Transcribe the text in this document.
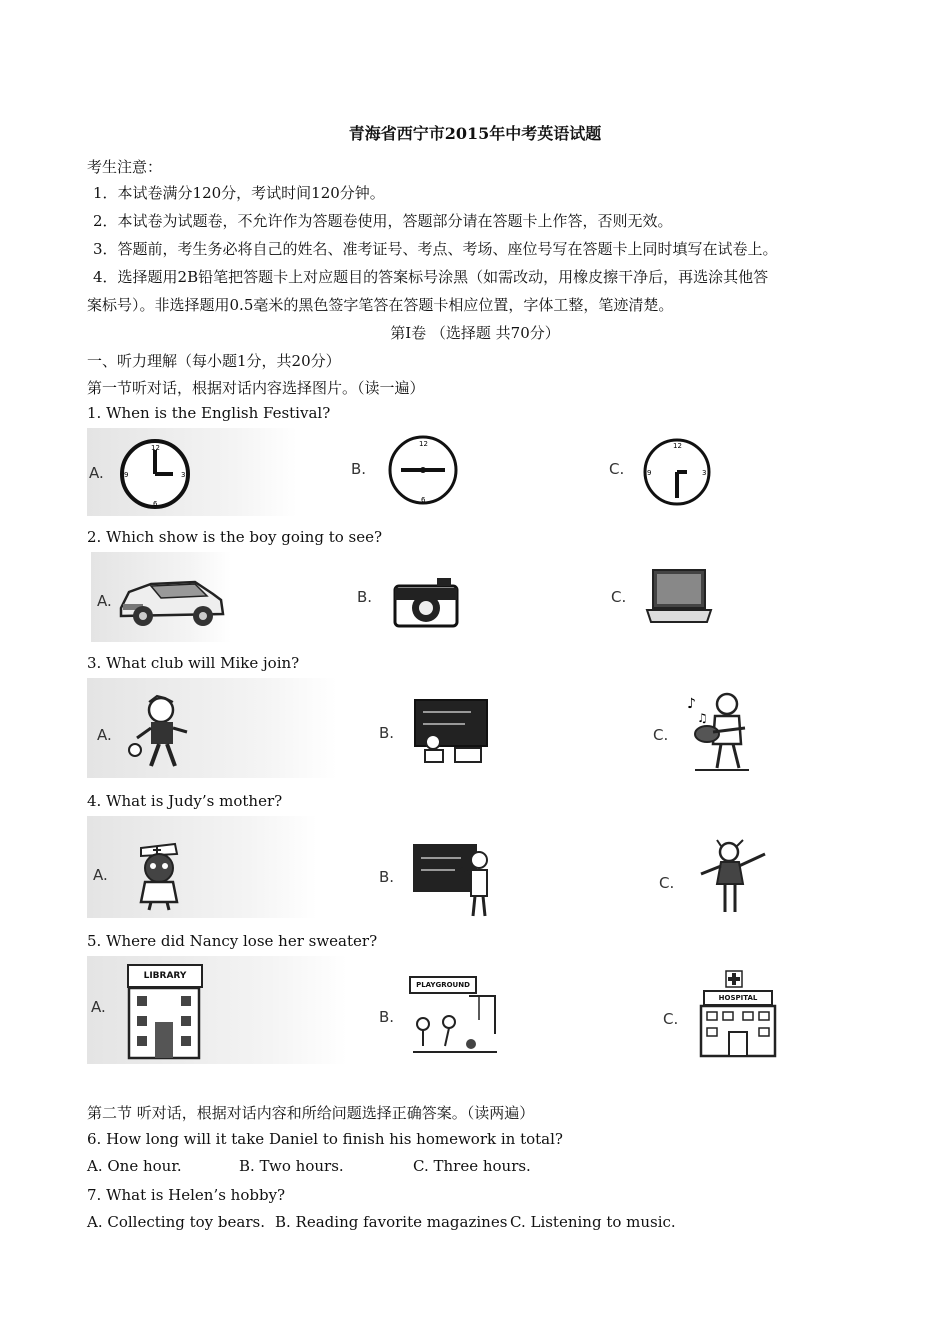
青海省西宁市2015年中考英语试题
考生注意：
1．本试卷满分120分，考试时间120分钟。
2．本试卷为试题卷，不允许作为答题卷使用，答题部分请在答题卡上作答，否则无效。
3．答题前，考生务必将自己的姓名、准考证号、考点、考场、座位号写在答题卡上同时填写在试卷上。
4．选择题用2B铅笔把答题卡上对应题目的答案标号涂黑（如需改动，用橡皮擦干净后，再选涂其他答
案标号）。非选择题用0.5毫米的黑色签字笔答在答题卡相应位置，字体工整，笔迹清楚。
第Ⅰ卷 （选择题 共70分）
一、听力理解（每小题1分，共20分）
第一节听对话，根据对话内容选择图片。（读一遍）
1. When is the English Festival?
A.
12
3
6
9	B.
12
6
C.
12
3
9
2. Which show is the boy going to see?
A.	B.	C.
3. What club will Mike join?
A.	B.	C.
♪
♫
4. What is Judy’s mother?
A.	B.	C.
5. Where did Nancy lose her sweater?
A.
LIBRARY
B.
PLAYGROUND
C.
HOSPITAL
第二节 听对话，根据对话内容和所给问题选择正确答案。（读两遍）
6. How long will it take Daniel to finish his homework in total?
A. One hour.	B. Two hours.	C. Three hours.
7. What is Helen’s hobby?
A. Collecting toy bears. B. Reading favorite magazines C. Listening to music.
